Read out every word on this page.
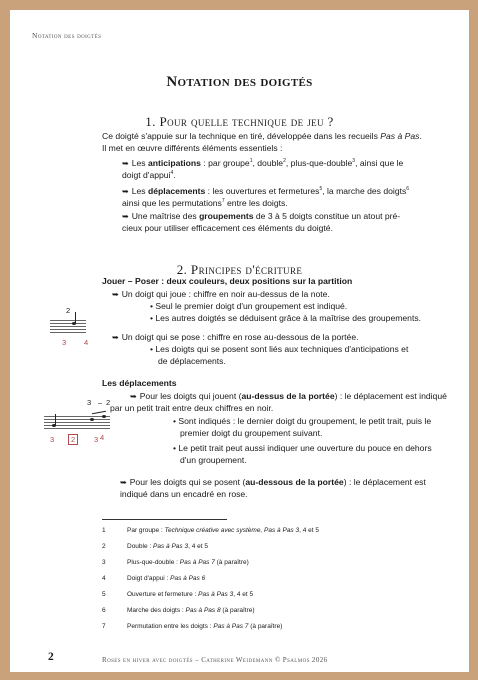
Notation des doigtés
Notation des doigtés
1. Pour quelle technique de jeu ?
Ce doigté s'appuie sur la technique en tiré, développée dans les recueils Pas à Pas.
Il met en œuvre différents éléments essentiels :
➥ Les anticipations : par groupe$^1$, double$^2$, plus-que-double$^3$, ainsi que le
doigt d'appui$^4$.
➥ Les déplacements : les ouvertures et fermetures$^5$, la marche des doigts$^6$
ainsi que les permutations$^7$ entre les doigts.
➥ Une maîtrise des groupements de 3 à 5 doigts constitue un atout pré-
cieux pour utiliser efficacement ces éléments du doigté.
2. Principes d'écriture
Jouer – Poser : deux couleurs, deux positions sur la partition
➥ Un doigt qui joue : chiffre en noir au-dessus de la note.
• Seul le premier doigt d'un groupement est indiqué.
• Les autres doigtés se déduisent grâce à la maîtrise des groupements.
➥ Un doigt qui se pose : chiffre en rose au-dessous de la portée.
• Les doigts qui se posent sont liés aux techniques d'anticipations et
de déplacements.
2
3 4
Les déplacements
➥ Pour les doigts qui jouent (au-dessus de la portée) : le déplacement est indiqué
par un petit trait entre deux chiffres en noir.
• Sont indiqués : le dernier doigt du groupement, le petit trait, puis le
premier doigt du groupement suivant.
• Le petit trait peut aussi indiquer une ouverture du pouce en dehors
d'un groupement.
➥ Pour les doigts qui se posent (au-dessous de la portée) : le déplacement est
indiqué dans un encadré en rose.
3 – 2
3	2	3 4
1	Par groupe : Technique créative avec système, Pas à Pas 3, 4 et 5
2	Double : Pas à Pas 3, 4 et 5
3	Plus-que-double : Pas à Pas 7 (à paraître)
4	Doigt d'appui : Pas à Pas 6
5	Ouverture et fermeture : Pas à Pas 3, 4 et 5
6	Marche des doigts : Pas à Pas 8 (à paraître)
7	Permutation entre les doigts : Pas à Pas 7 (à paraître)
2	Roses en hiver avec doigtés – Catherine Weidemann © Psalmos 2026
